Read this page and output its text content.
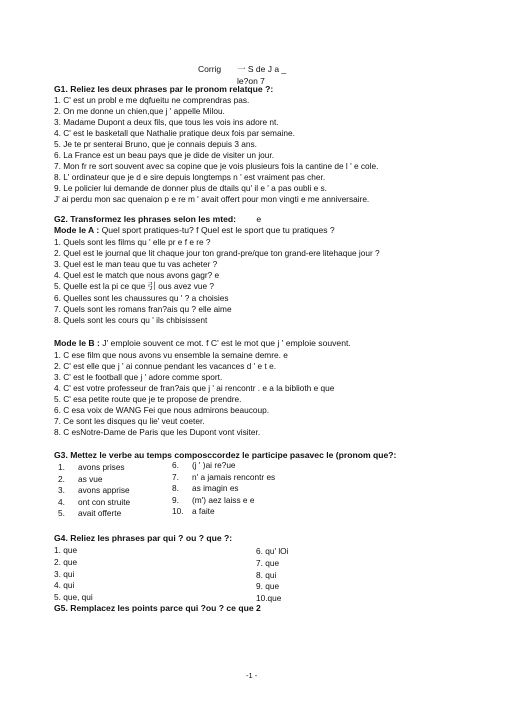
Corrig 一 S de J a _
le?on 7
G1. Reliez les deux phrases par le pronom relatque ?:
1. C' est un probl e me dqfueitu ne comprendras pas.
2. On me donne un chien,que j ' appelle Milou.
3. Madame Dupont a deux fils, que tous les vois ins adore nt.
4. C' est le basketall que Nathalie pratique deux fois par semaine.
5. Je te pr senterai Bruno, que je connais depuis 3 ans.
6. La France est un beau pays que je dide de visiter un jour.
7. Mon fr re sort souvent avec sa copine que je vois plusieurs fois la cantine de l ' e cole.
8. L' ordinateur que je d e sire depuis longtemps n ' est vraiment pas cher.
9. Le policier lui demande de donner plus de dtails qu' il e ' a pas oubli e s.
J' ai perdu mon sac quenaion p e re m ' avait offert pour mon vingti e me anniversaire.
G2. Transformez les phrases selon les mted: e
Mode le A : Quel sport pratiques-tu? f Quel est le sport que tu pratiques ?
1. Quels sont les films qu ' elle pr e f e re ?
2. Quel est le journal que lit chaque jour ton grand-pre/que ton grand-ere litehaque jour ?
3. Quel est le man teau que tu vas acheter ?
4. Quel est le match que nous avons gagr? e
5. Quelle est la pi ce que 引 ous avez vue ?
6. Quelles sont les chaussures qu ' ? a choisies
7. Quels sont les romans fran?ais qu ? elle aime
8. Quels sont les cours qu ' ils chbisissent
Mode le B : J' emploie souvent ce mot. f C' est le mot que j ' emploie souvent.
1. C ese film que nous avons vu ensemble la semaine demre. e
2. C' est elle que j ' ai connue pendant les vacances d ' e t e.
3. C' est le football que j ' adore comme sport.
4. C' est votre professeur de fran?ais que j ' ai rencontr . e a la biblioth e que
5. C' esa petite route que je te propose de prendre.
6. C esa voix de WANG Fei que nous admirons beaucoup.
7. Ce sont les disques qu lie' veut coeter.
8. C esNotre-Dame de Paris que les Dupont vont visiter.
G3. Mettez le verbe au temps composccordez le participe pasavec le (pronom que?:
1. avons prises
2. as vue
3. avons apprise
4. ont con struite
5. avait offerte
6. (j ' )ai re?ue
7. n' a jamais rencontr es
8. as imagin es
9. (m') aez laiss e e
10. a faite
G4. Reliez les phrases par qui ? ou ? que ?:
1. que
2. que
3. qui
4. qui
5. que, qui
6. qu' lOi
7. que
8. qui
9. que
10.que
G5. Remplacez les points parce qui ?ou ? ce que 2
-1 -
